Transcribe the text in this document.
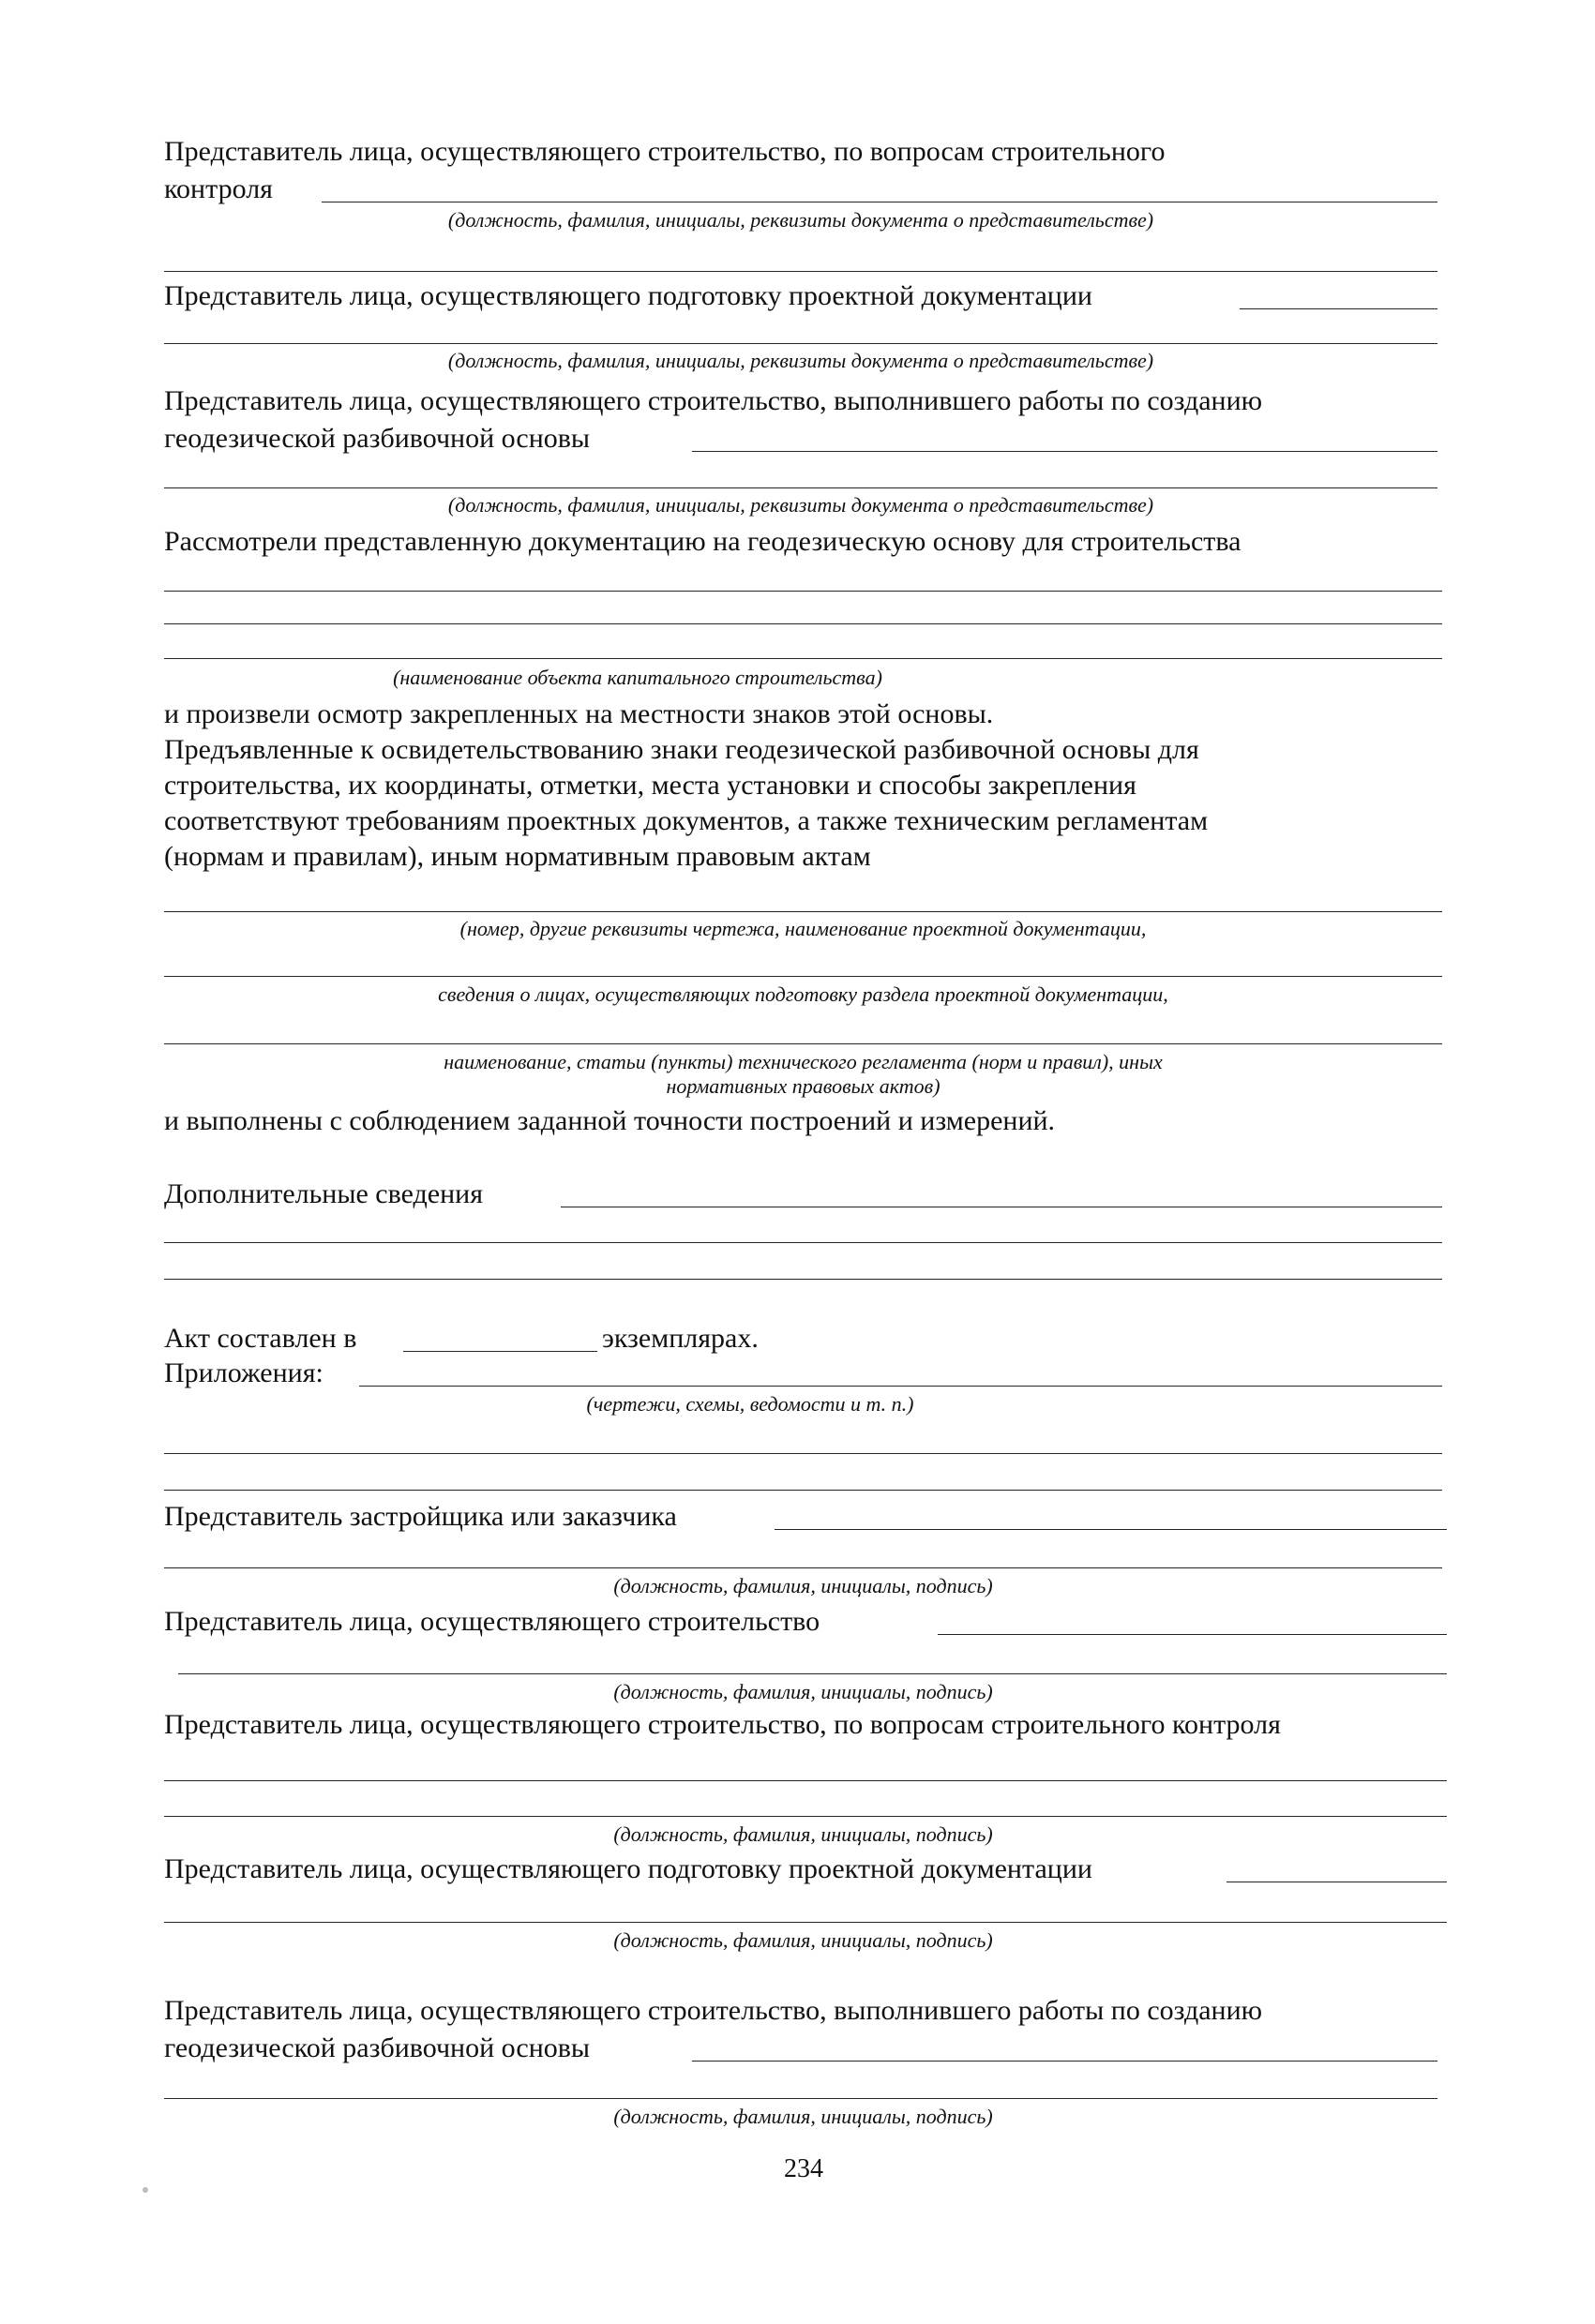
Представитель лица, осуществляющего строительство, по вопросам строительного
контроля
(должность, фамилия, инициалы, реквизиты документа о представительстве)
Представитель лица, осуществляющего подготовку проектной документации
(должность, фамилия, инициалы, реквизиты документа о представительстве)
Представитель лица, осуществляющего строительство, выполнившего работы по созданию
геодезической разбивочной основы
(должность, фамилия, инициалы, реквизиты документа о представительстве)
Рассмотрели представленную документацию на геодезическую основу для строительства
(наименование объекта капитального строительства)
и произвели осмотр закрепленных на местности знаков этой основы.
Предъявленные к освидетельствованию знаки геодезической разбивочной основы для
строительства, их координаты, отметки, места установки и способы закрепления
соответствуют требованиям проектных документов, а также техническим регламентам
(нормам и правилам), иным нормативным правовым актам
(номер, другие реквизиты чертежа, наименование проектной документации,
сведения о лицах, осуществляющих подготовку раздела проектной документации,
наименование, статьи (пункты) технического регламента (норм и правил), иных
нормативных правовых актов)
и выполнены с соблюдением заданной точности построений и измерений.
Дополнительные сведения
Акт составлен в	экземплярах.
Приложения:
(чертежи, схемы, ведомости и т. п.)
Представитель застройщика или заказчика
(должность, фамилия, инициалы, подпись)
Представитель лица, осуществляющего строительство
(должность, фамилия, инициалы, подпись)
Представитель лица, осуществляющего строительство, по вопросам строительного контроля
(должность, фамилия, инициалы, подпись)
Представитель лица, осуществляющего подготовку проектной документации
(должность, фамилия, инициалы, подпись)
Представитель лица, осуществляющего строительство, выполнившего работы по созданию
геодезической разбивочной основы
(должность, фамилия, инициалы, подпись)
234
